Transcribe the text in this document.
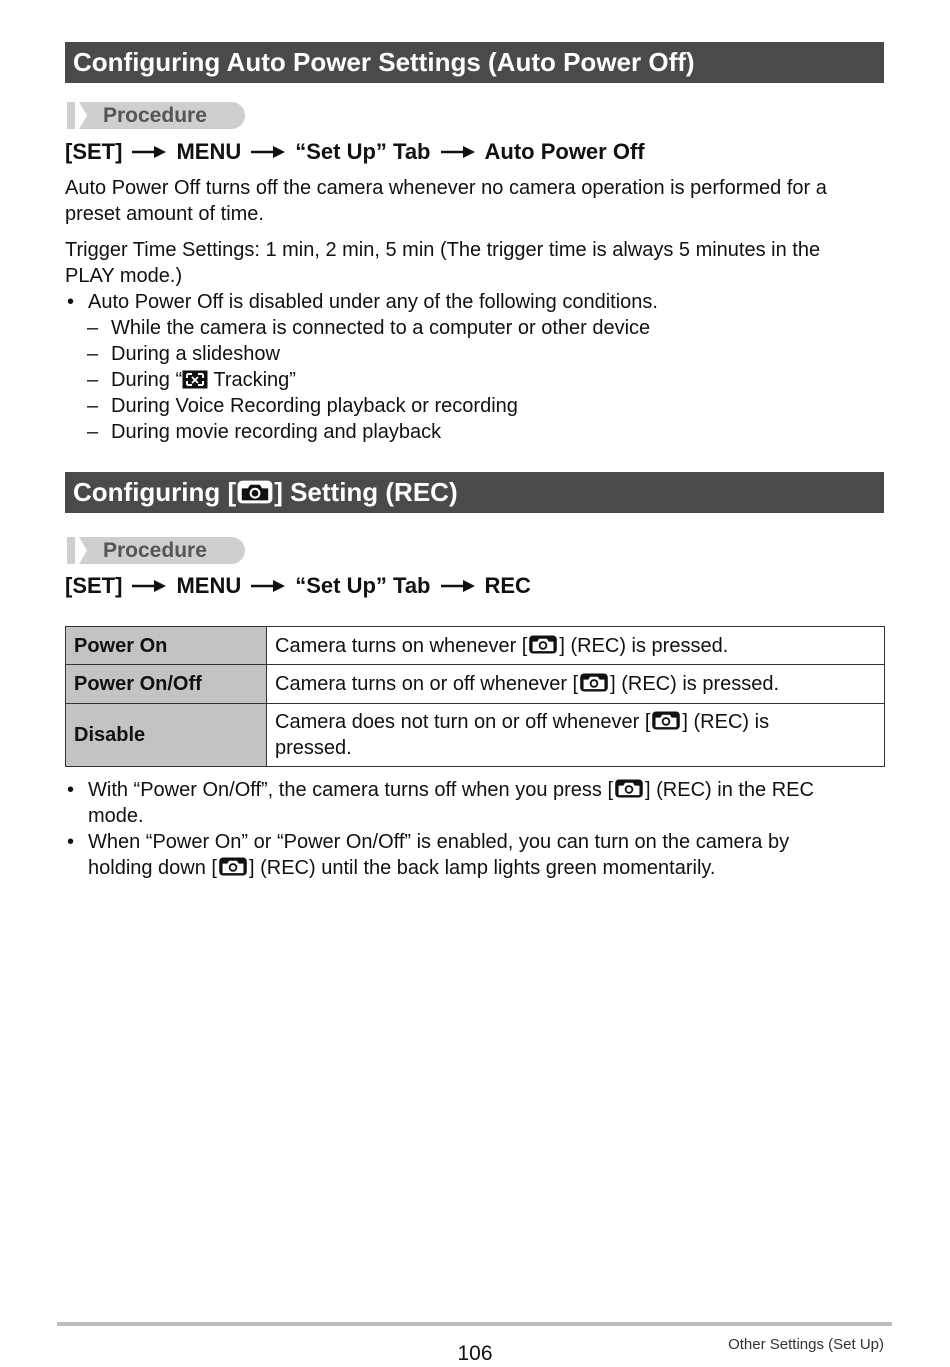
Configuring Auto Power Settings (Auto Power Off)
Procedure
[SET] MENU “Set Up” Tab Auto Power Off
Auto Power Off turns off the camera whenever no camera operation is performed for a preset amount of time.
Trigger Time Settings: 1 min, 2 min, 5 min (The trigger time is always 5 minutes in the
PLAY mode.)
• Auto Power Off is disabled under any of the following conditions.
– While the camera is connected to a computer or other device
– During a slideshow
– During “ Tracking”
– During Voice Recording playback or recording
– During movie recording and playback
Configuring [ ] Setting (REC)
Procedure
[SET] MENU “Set Up” Tab REC
Power On	Camera turns on whenever [ ] (REC) is pressed.
Power On/Off	Camera turns on or off whenever [ ] (REC) is pressed.
Disable	Camera does not turn on or off whenever [ ] (REC) is
pressed.
• With “Power On/Off”, the camera turns off when you press [ ] (REC) in the REC
mode.
• When “Power On” or “Power On/Off” is enabled, you can turn on the camera by
holding down [ ] (REC) until the back lamp lights green momentarily.
106	Other Settings (Set Up)
